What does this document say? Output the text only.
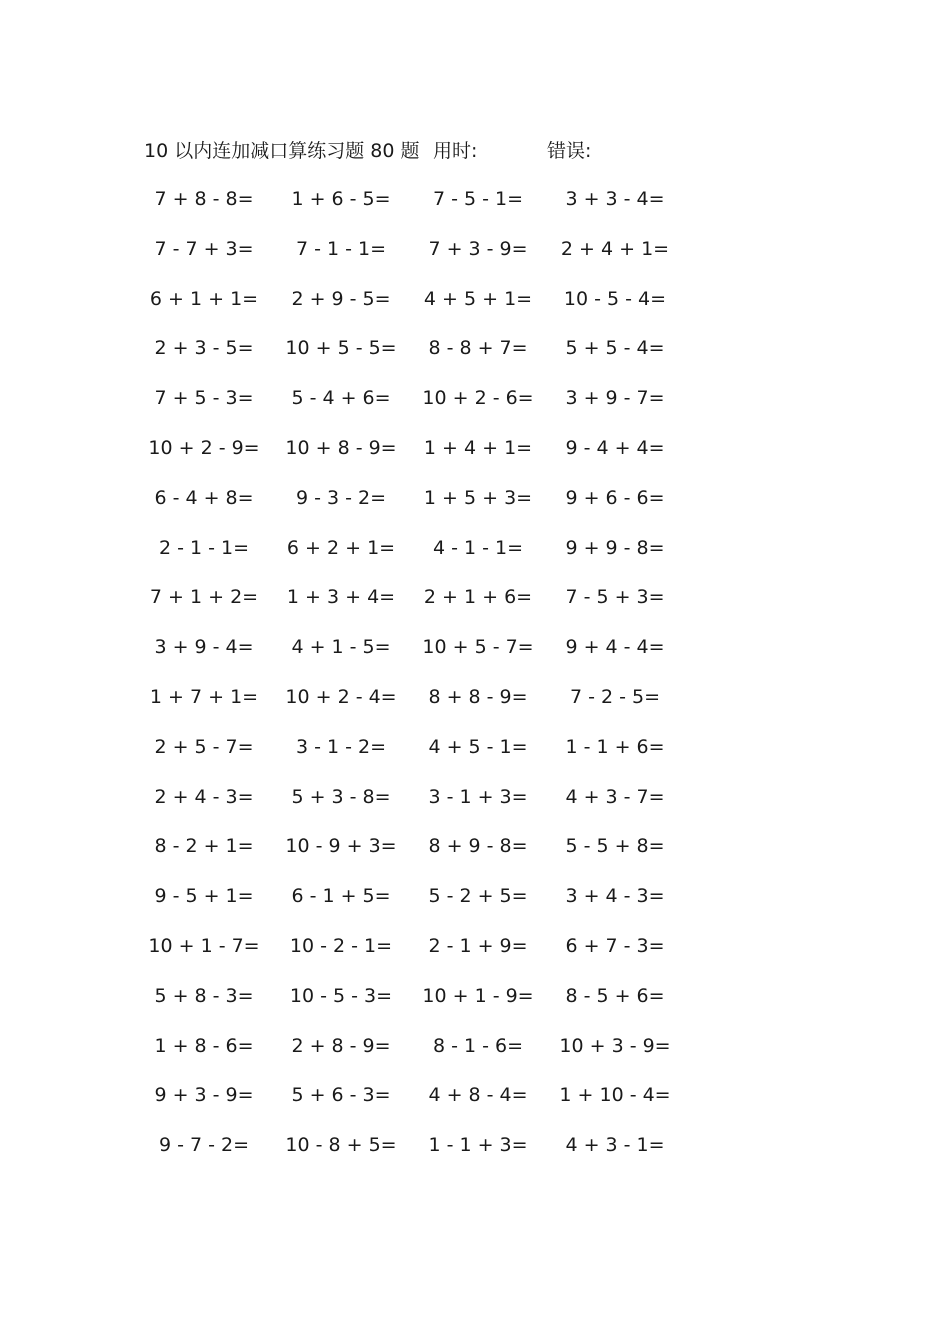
10 以内连加减口算练习题 80 题 用时:	错误:
7 + 8 - 8=	1 + 6 - 5=	7 - 5 - 1=	3 + 3 - 4=
7 - 7 + 3=	7 - 1 - 1=	7 + 3 - 9=	2 + 4 + 1=
6 + 1 + 1=	2 + 9 - 5=	4 + 5 + 1=	10 - 5 - 4=
2 + 3 - 5=	10 + 5 - 5=	8 - 8 + 7=	5 + 5 - 4=
7 + 5 - 3=	5 - 4 + 6=	10 + 2 - 6=	3 + 9 - 7=
10 + 2 - 9=	10 + 8 - 9=	1 + 4 + 1=	9 - 4 + 4=
6 - 4 + 8=	9 - 3 - 2=	1 + 5 + 3=	9 + 6 - 6=
2 - 1 - 1=	6 + 2 + 1=	4 - 1 - 1=	9 + 9 - 8=
7 + 1 + 2=	1 + 3 + 4=	2 + 1 + 6=	7 - 5 + 3=
3 + 9 - 4=	4 + 1 - 5=	10 + 5 - 7=	9 + 4 - 4=
1 + 7 + 1=	10 + 2 - 4=	8 + 8 - 9=	7 - 2 - 5=
2 + 5 - 7=	3 - 1 - 2=	4 + 5 - 1=	1 - 1 + 6=
2 + 4 - 3=	5 + 3 - 8=	3 - 1 + 3=	4 + 3 - 7=
8 - 2 + 1=	10 - 9 + 3=	8 + 9 - 8=	5 - 5 + 8=
9 - 5 + 1=	6 - 1 + 5=	5 - 2 + 5=	3 + 4 - 3=
10 + 1 - 7=	10 - 2 - 1=	2 - 1 + 9=	6 + 7 - 3=
5 + 8 - 3=	10 - 5 - 3=	10 + 1 - 9=	8 - 5 + 6=
1 + 8 - 6=	2 + 8 - 9=	8 - 1 - 6=	10 + 3 - 9=
9 + 3 - 9=	5 + 6 - 3=	4 + 8 - 4=	1 + 10 - 4=
9 - 7 - 2=	10 - 8 + 5=	1 - 1 + 3=	4 + 3 - 1=
